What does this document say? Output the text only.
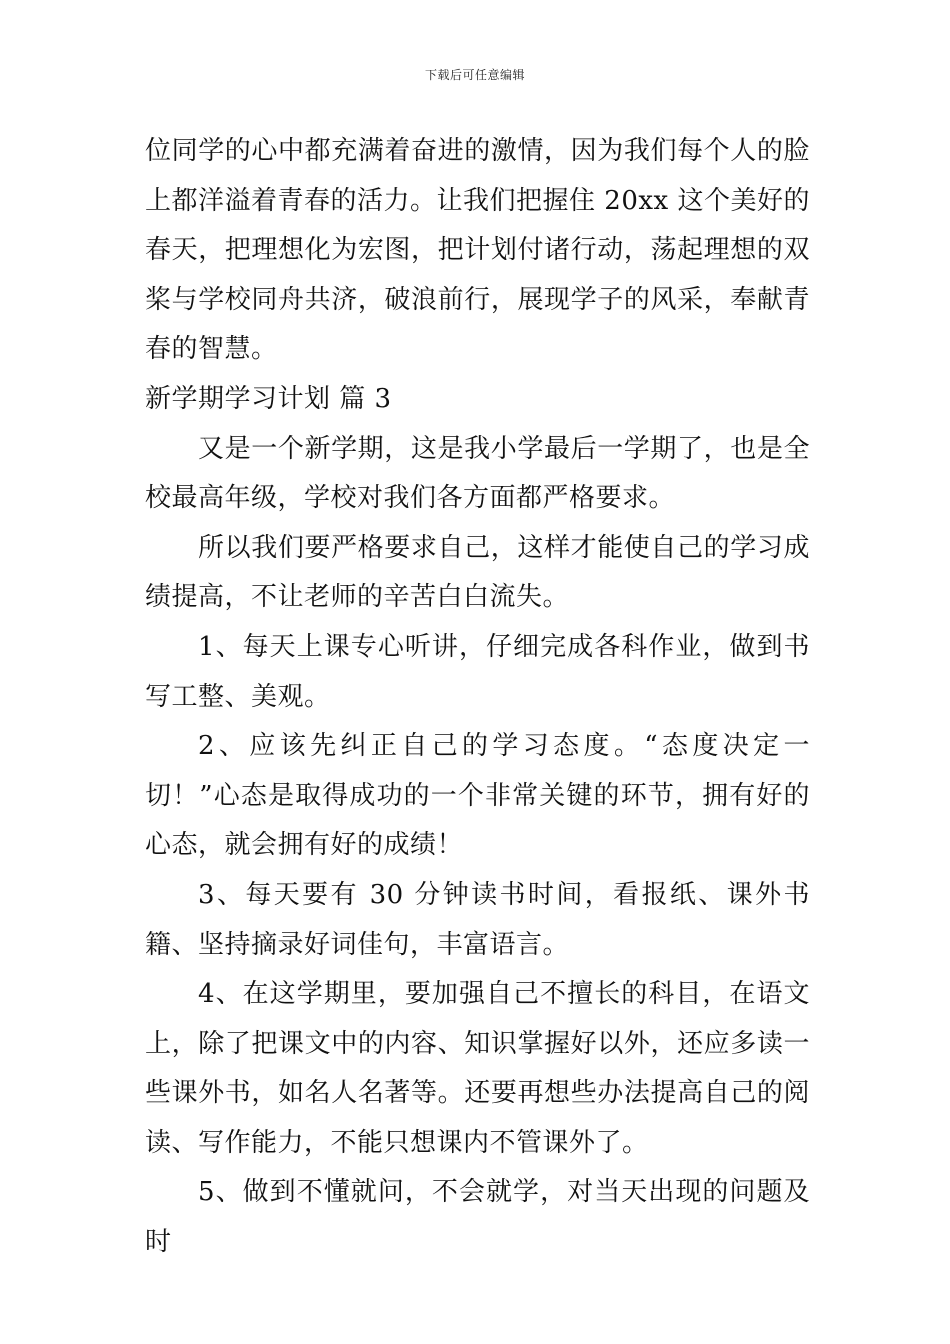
下载后可任意编辑

位同学的心中都充满着奋进的激情，因为我们每个人的脸上都洋溢着青春的活力。让我们把握住 20xx 这个美好的春天，把理想化为宏图，把计划付诸行动，荡起理想的双桨与学校同舟共济，破浪前行，展现学子的风采，奉献青春的智慧。

新学期学习计划 篇 3

又是一个新学期，这是我小学最后一学期了，也是全校最高年级，学校对我们各方面都严格要求。

所以我们要严格要求自己，这样才能使自己的学习成绩提高，不让老师的辛苦白白流失。

1、每天上课专心听讲，仔细完成各科作业，做到书写工整、美观。

2、应该先纠正自己的学习态度。“态度决定一切！”心态是取得成功的一个非常关键的环节，拥有好的心态，就会拥有好的成绩！

3、每天要有 30 分钟读书时间，看报纸、课外书籍、坚持摘录好词佳句，丰富语言。

4、在这学期里，要加强自己不擅长的科目，在语文上，除了把课文中的内容、知识掌握好以外，还应多读一些课外书，如名人名著等。还要再想些办法提高自己的阅读、写作能力，不能只想课内不管课外了。

5、做到不懂就问，不会就学，对当天出现的问题及时
